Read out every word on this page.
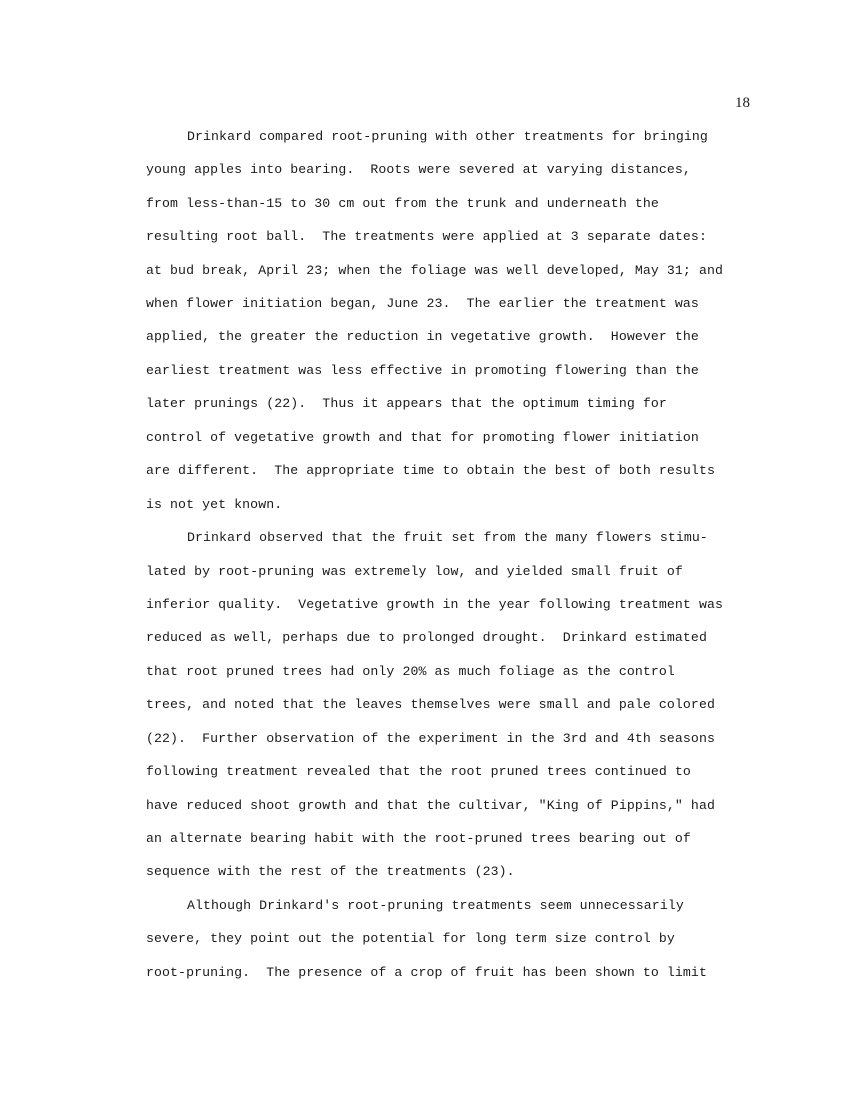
18
Drinkard compared root-pruning with other treatments for bringing
young apples into bearing.  Roots were severed at varying distances,
from less-than-15 to 30 cm out from the trunk and underneath the
resulting root ball.  The treatments were applied at 3 separate dates:
at bud break, April 23; when the foliage was well developed, May 31; and
when flower initiation began, June 23.  The earlier the treatment was
applied, the greater the reduction in vegetative growth.  However the
earliest treatment was less effective in promoting flowering than the
later prunings (22).  Thus it appears that the optimum timing for
control of vegetative growth and that for promoting flower initiation
are different.  The appropriate time to obtain the best of both results
is not yet known.
Drinkard observed that the fruit set from the many flowers stimu-
lated by root-pruning was extremely low, and yielded small fruit of
inferior quality.  Vegetative growth in the year following treatment was
reduced as well, perhaps due to prolonged drought.  Drinkard estimated
that root pruned trees had only 20% as much foliage as the control
trees, and noted that the leaves themselves were small and pale colored
(22).  Further observation of the experiment in the 3rd and 4th seasons
following treatment revealed that the root pruned trees continued to
have reduced shoot growth and that the cultivar, "King of Pippins," had
an alternate bearing habit with the root-pruned trees bearing out of
sequence with the rest of the treatments (23).
Although Drinkard's root-pruning treatments seem unnecessarily
severe, they point out the potential for long term size control by
root-pruning.  The presence of a crop of fruit has been shown to limit
